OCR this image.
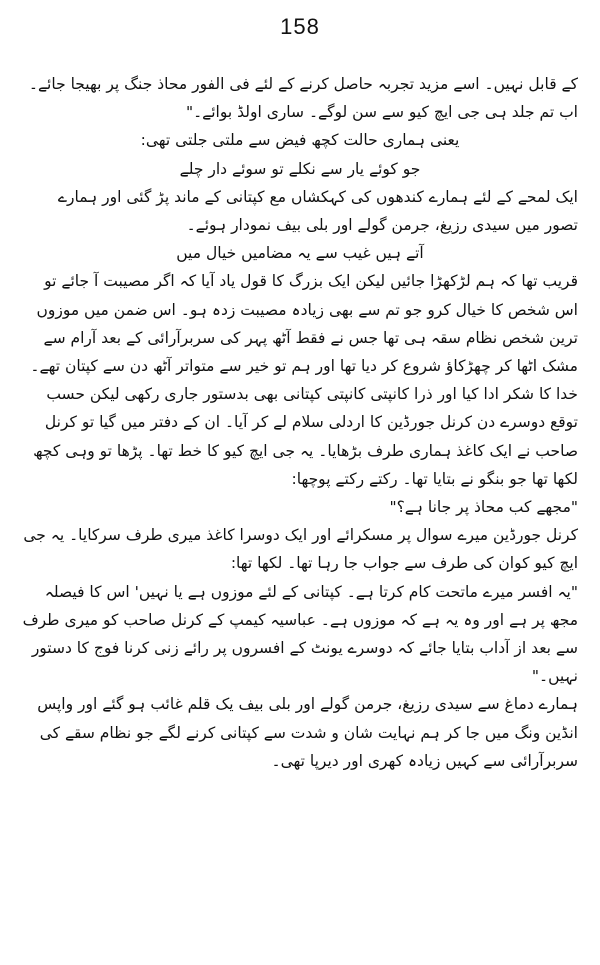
158

کے قابل نہیں۔ اسے مزید تجربہ حاصل کرنے کے لئے فی الفور محاذ جنگ پر بھیجا جائے۔ اب تم جلد ہی جی ایچ کیو سے سن لوگے۔ ساری اولڈ بوائے۔"

یعنی ہماری حالت کچھ فیض سے ملتی جلتی تھی:

جو کوئے یار سے نکلے تو سوئے دار چلے

ایک لمحے کے لئے ہمارے کندھوں کی کہکشاں مع کپتانی کے ماند پڑ گئی اور ہمارے تصور میں سیدی رزیغ، جرمن گولے اور بلی بیف نمودار ہوئے۔

آتے ہیں غیب سے یہ مضامیں خیال میں

قریب تھا کہ ہم لڑکھڑا جائیں لیکن ایک بزرگ کا قول یاد آیا کہ اگر مصیبت آ جائے تو اس شخص کا خیال کرو جو تم سے بھی زیادہ مصیبت زدہ ہو۔ اس ضمن میں موزوں ترین شخص نظام سقہ ہی تھا جس نے فقط آٹھ پہر کی سربرآرائی کے بعد آرام سے مشک اٹھا کر چھڑکاؤ شروع کر دیا تھا اور ہم تو خیر سے متواتر آٹھ دن سے کپتان تھے۔ خدا کا شکر ادا کیا اور ذرا کانپتی کانپتی کپتانی بھی بدستور جاری رکھی لیکن حسب توقع دوسرے دن کرنل جورڈین کا اردلی سلام لے کر آیا۔ ان کے دفتر میں گیا تو کرنل صاحب نے ایک کاغذ ہماری طرف بڑھایا۔ یہ جی ایچ کیو کا خط تھا۔ پڑھا تو وہی کچھ لکھا تھا جو بنگو نے بتایا تھا۔ رکتے رکتے پوچھا:

"مجھے کب محاذ پر جانا ہے؟"

کرنل جورڈین میرے سوال پر مسکرائے اور ایک دوسرا کاغذ میری طرف سرکایا۔ یہ جی ایچ کیو کوان کی طرف سے جواب جا رہا تھا۔ لکھا تھا:

"یہ افسر میرے ماتحت کام کرتا ہے۔ کپتانی کے لئے موزوں ہے یا نہیں' اس کا فیصلہ مجھ پر ہے اور وہ یہ ہے کہ موزوں ہے۔ عباسیہ کیمپ کے کرنل صاحب کو میری طرف سے بعد از آداب بتایا جائے کہ دوسرے یونٹ کے افسروں پر رائے زنی کرنا فوج کا دستور نہیں۔"

ہمارے دماغ سے سیدی رزیغ، جرمن گولے اور بلی بیف یک قلم غائب ہو گئے اور واپس انڈین ونگ میں جا کر ہم نہایت شان و شدت سے کپتانی کرنے لگے جو نظام سقے کی سربرآرائی سے کہیں زیادہ کھری اور دیرپا تھی۔
